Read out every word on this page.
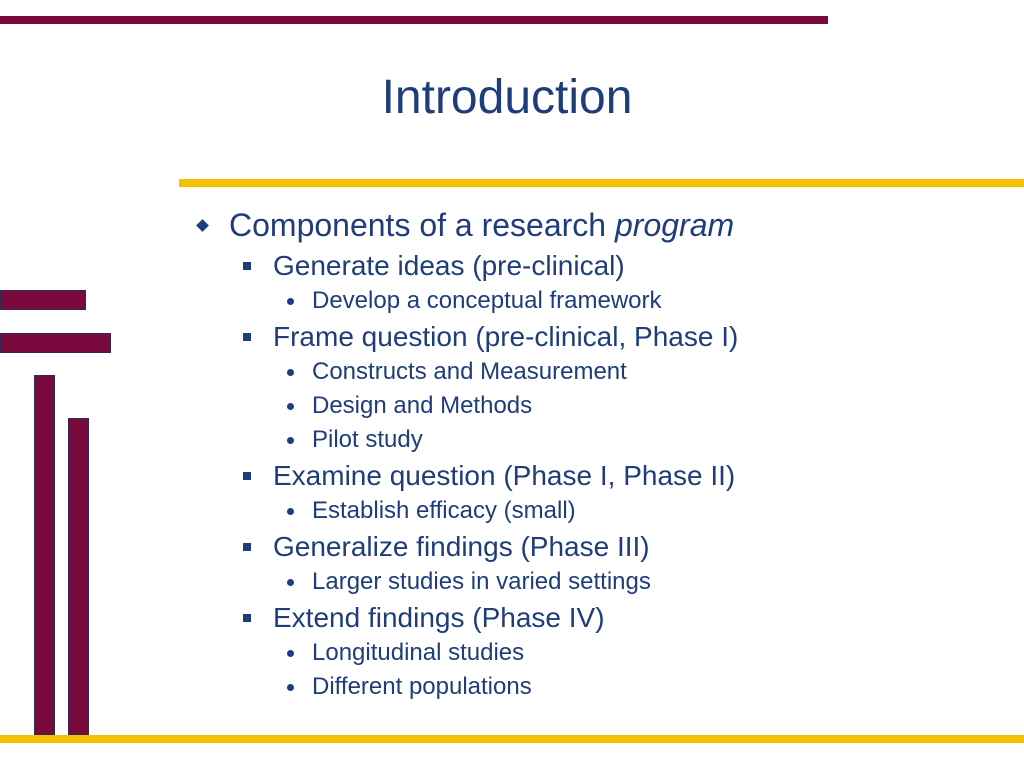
Introduction
Components of a research program
Generate ideas (pre-clinical)
Develop a conceptual framework
Frame question (pre-clinical, Phase I)
Constructs and Measurement
Design and Methods
Pilot study
Examine question (Phase I, Phase II)
Establish efficacy (small)
Generalize findings (Phase III)
Larger studies in varied settings
Extend findings (Phase IV)
Longitudinal studies
Different populations
